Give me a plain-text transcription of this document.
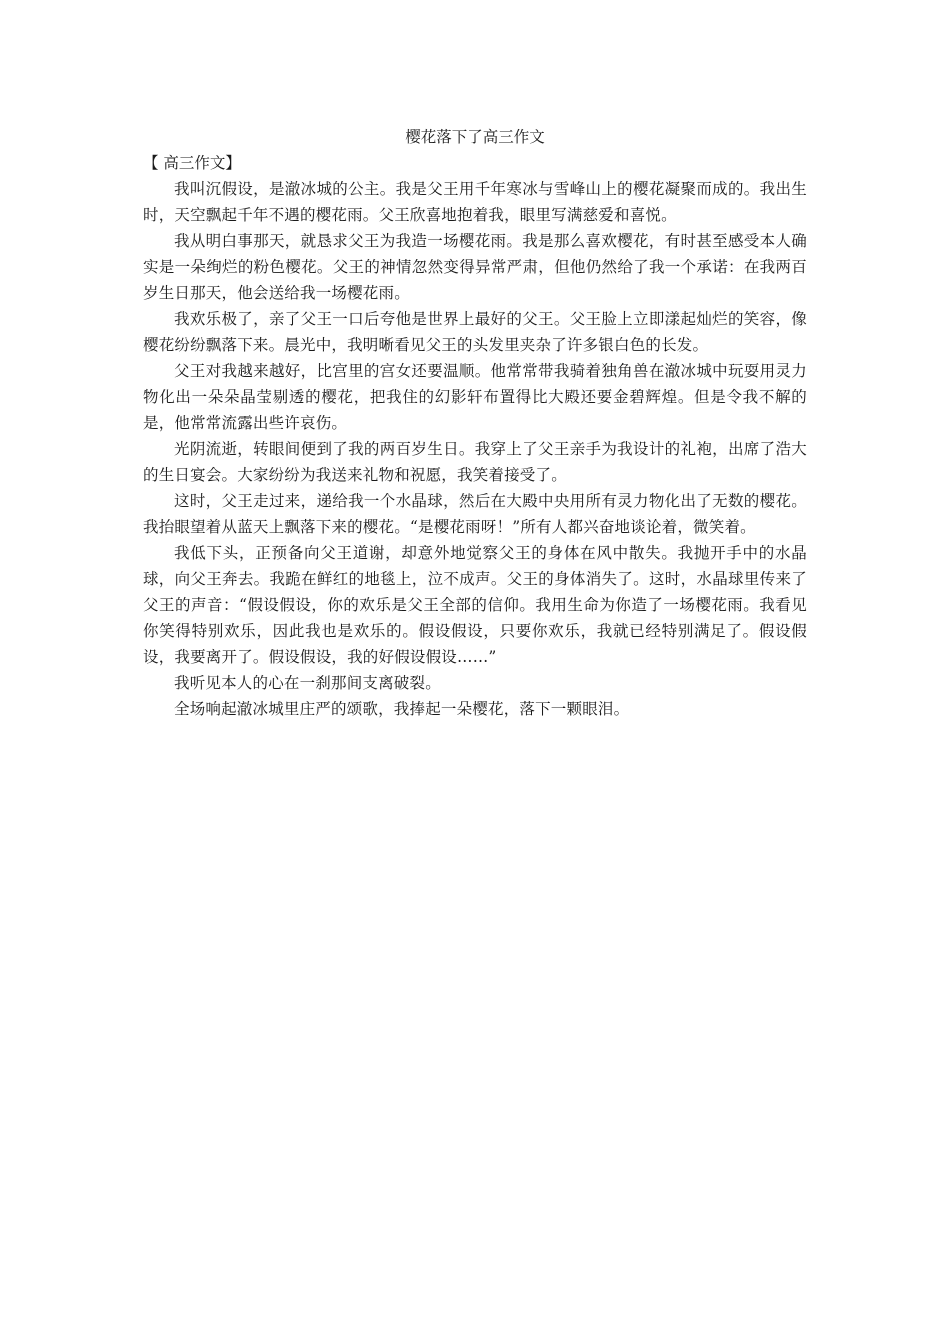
樱花落下了高三作文

【 高三作文】

我叫沉假设，是澈冰城的公主。我是父王用千年寒冰与雪峰山上的樱花凝聚而成的。我出生时，天空飘起千年不遇的樱花雨。父王欣喜地抱着我，眼里写满慈爱和喜悦。

我从明白事那天，就恳求父王为我造一场樱花雨。我是那么喜欢樱花，有时甚至感受本人确实是一朵绚烂的粉色樱花。父王的神情忽然变得异常严肃，但他仍然给了我一个承诺：在我两百岁生日那天，他会送给我一场樱花雨。

我欢乐极了，亲了父王一口后夸他是世界上最好的父王。父王脸上立即漾起灿烂的笑容，像樱花纷纷飘落下来。晨光中，我明晰看见父王的头发里夹杂了许多银白色的长发。

父王对我越来越好，比宫里的宫女还要温顺。他常常带我骑着独角兽在澈冰城中玩耍用灵力物化出一朵朵晶莹剔透的樱花，把我住的幻影轩布置得比大殿还要金碧辉煌。但是令我不解的是，他常常流露出些许哀伤。

光阴流逝，转眼间便到了我的两百岁生日。我穿上了父王亲手为我设计的礼袍，出席了浩大的生日宴会。大家纷纷为我送来礼物和祝愿，我笑着接受了。

这时，父王走过来，递给我一个水晶球，然后在大殿中央用所有灵力物化出了无数的樱花。我抬眼望着从蓝天上飘落下来的樱花。“是樱花雨呀！”所有人都兴奋地谈论着，微笑着。

我低下头，正预备向父王道谢，却意外地觉察父王的身体在风中散失。我抛开手中的水晶球，向父王奔去。我跪在鲜红的地毯上，泣不成声。父王的身体消失了。这时，水晶球里传来了父王的声音：“假设假设，你的欢乐是父王全部的信仰。我用生命为你造了一场樱花雨。我看见你笑得特别欢乐，因此我也是欢乐的。假设假设，只要你欢乐，我就已经特别满足了。假设假设，我要离开了。假设假设，我的好假设假设……”

我听见本人的心在一刹那间支离破裂。

全场响起澈冰城里庄严的颂歌，我捧起一朵樱花，落下一颗眼泪。
